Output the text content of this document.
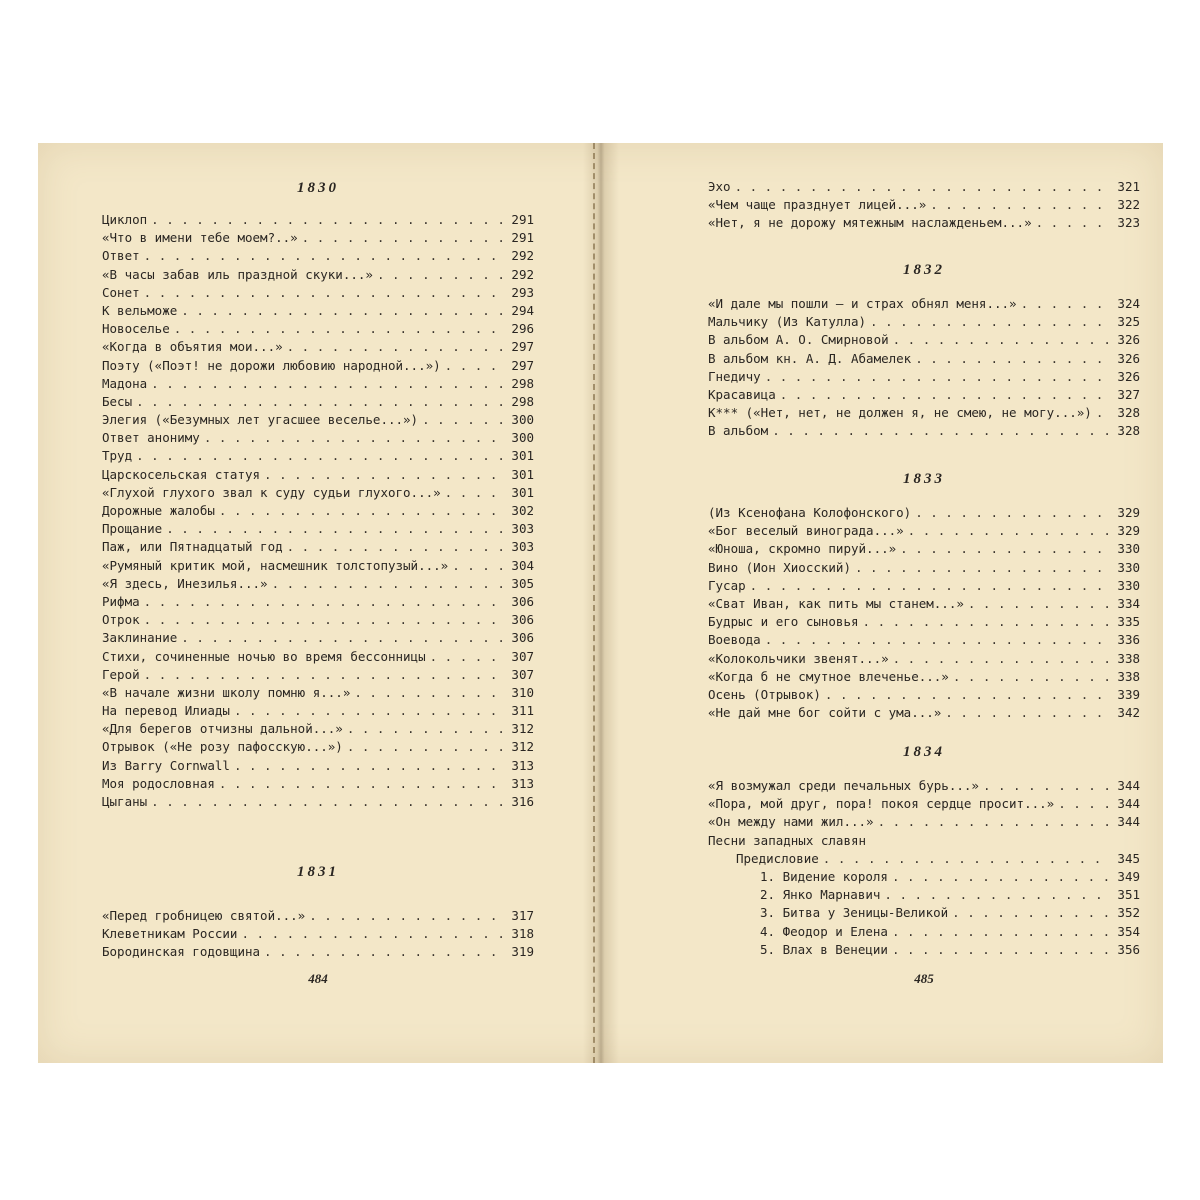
1830
Циклоп . . .	291
«Что в имени тебе моем?..» . . .	291
Ответ . . .	292
«В часы забав иль праздной скуки...» . . .	292
Сонет . . .	293
К вельможе . . .	294
Новоселье . . .	296
«Когда в объятия мои...» . . .	297
Поэту («Поэт! не дорожи любовию народной...») . . .	297
Мадона . . .	298
Бесы . . .	298
Элегия («Безумных лет угасшее веселье...») . . .	300
Ответ анониму . . .	300
Труд . . .	301
Царскосельская статуя . . .	301
«Глухой глухого звал к суду судьи глухого...» . . .	301
Дорожные жалобы . . .	302
Прощание . . .	303
Паж, или Пятнадцатый год . . .	303
«Румяный критик мой, насмешник толстопузый...» . . .	304
«Я здесь, Инезилья...» . . .	305
Рифма . . .	306
Отрок . . .	306
Заклинание . . .	306
Стихи, сочиненные ночью во время бессонницы . . .	307
Герой . . .	307
«В начале жизни школу помню я...» . . .	310
На перевод Илиады . . .	311
«Для берегов отчизны дальной...» . . .	312
Отрывок («Не розу пафосскую...») . . .	312
Из Barry Cornwall . . .	313
Моя родословная . . .	313
Цыганы . . .	316
1831
«Перед гробницею святой...» . . .	317
Клеветникам России . . .	318
Бородинская годовщина . . .	319
484
Эхо . . .	321
«Чем чаще празднует лицей...» . . .	322
«Нет, я не дорожу мятежным наслажденьем...» . . .	323
1832
«И дале мы пошли — и страх обнял меня...» . . .	324
Мальчику (Из Катулла) . . .	325
В альбом А. О. Смирновой . . .	326
В альбом кн. А. Д. Абамелек . . .	326
Гнедичу . . .	326
Красавица . . .	327
К*** («Нет, нет, не должен я, не смею, не могу...») . . . 328
В альбом . . .	328
1833
(Из Ксенофана Колофонского) . . .	329
«Бог веселый винограда...» . . .	329
«Юноша, скромно пируй...» . . .	330
Вино (Ион Хиосский) . . .	330
Гусар . . .	330
«Сват Иван, как пить мы станем...» . . .	334
Будрыс и его сыновья . . .	335
Воевода . . .	336
«Колокольчики звенят...» . . .	338
«Когда б не смутное влеченье...» . . .	338
Осень (Отрывок) . . .	339
«Не дай мне бог сойти с ума...» . . .	342
1834
«Я возмужал среди печальных бурь...» . . .	344
«Пора, мой друг, пора! покоя сердце просит...» . . .	344
«Он между нами жил...» . . .	344
Песни западных славян
Предисловие . . .	345
1. Видение короля . . .	349
2. Янко Марнавич . . .	351
3. Битва у Зеницы-Великой . . .	352
4. Феодор и Елена . . .	354
5. Влах в Венеции . . .	356
485
